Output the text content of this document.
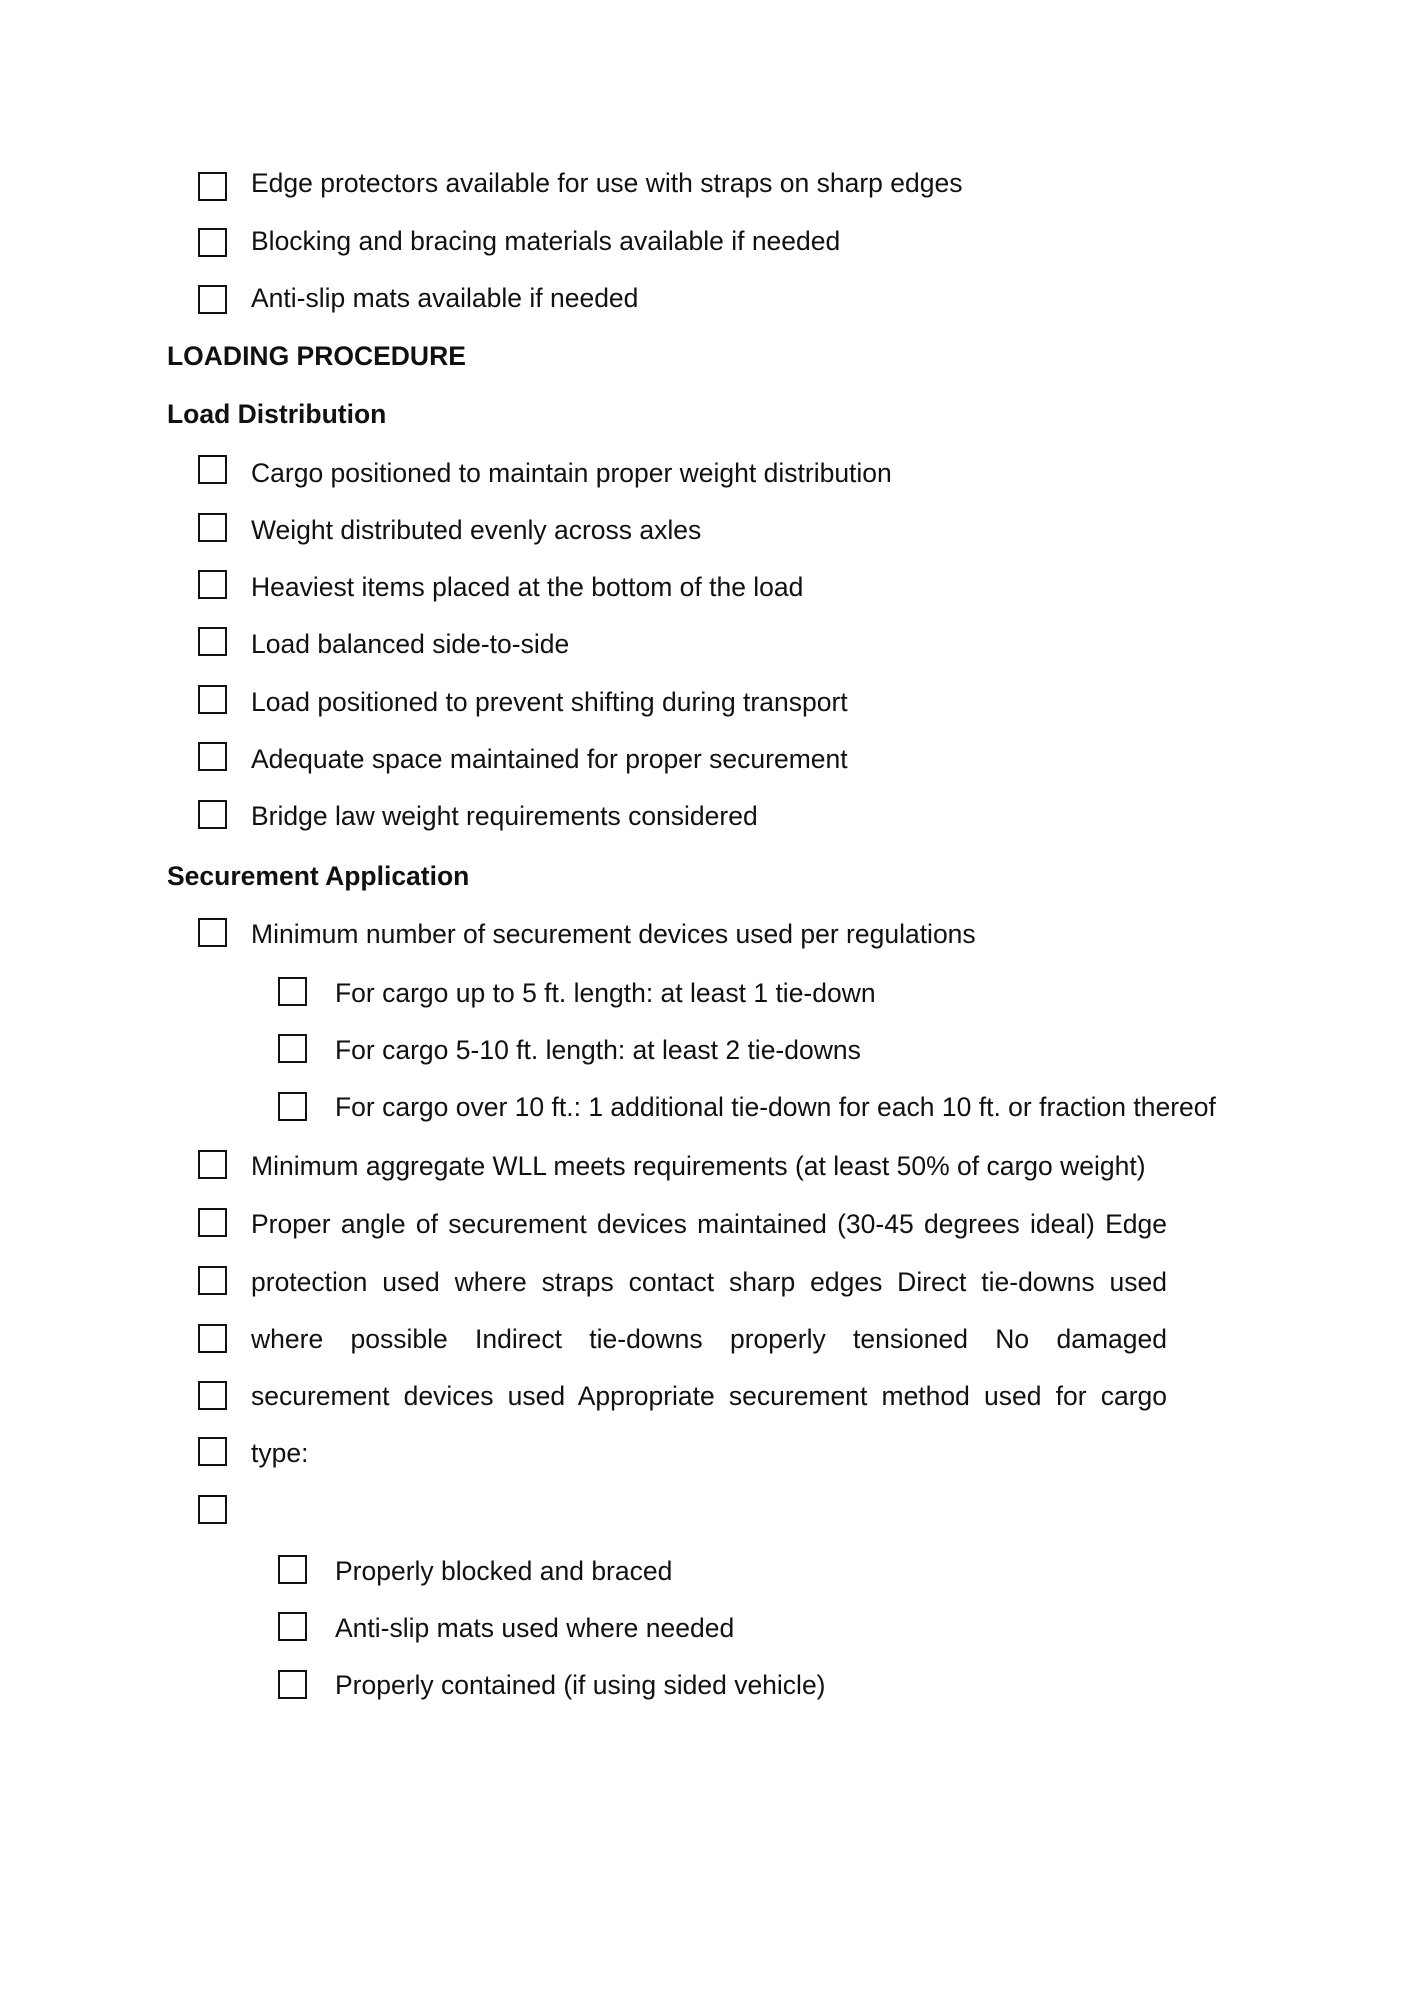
Edge protectors available for use with straps on sharp edges
Blocking and bracing materials available if needed
Anti-slip mats available if needed
LOADING PROCEDURE
Load Distribution
Cargo positioned to maintain proper weight distribution
Weight distributed evenly across axles
Heaviest items placed at the bottom of the load
Load balanced side-to-side
Load positioned to prevent shifting during transport
Adequate space maintained for proper securement
Bridge law weight requirements considered
Securement Application
Minimum number of securement devices used per regulations
For cargo up to 5 ft. length: at least 1 tie-down
For cargo 5-10 ft. length: at least 2 tie-downs
For cargo over 10 ft.: 1 additional tie-down for each 10 ft. or fraction thereof
Minimum aggregate WLL meets requirements (at least 50% of cargo weight)
Proper angle of securement devices maintained (30-45 degrees ideal) Edge
protection used where straps contact sharp edges Direct tie-downs used
where possible Indirect tie-downs properly tensioned No damaged
securement devices used Appropriate securement method used for cargo
type:
Properly blocked and braced
Anti-slip mats used where needed
Properly contained (if using sided vehicle)
